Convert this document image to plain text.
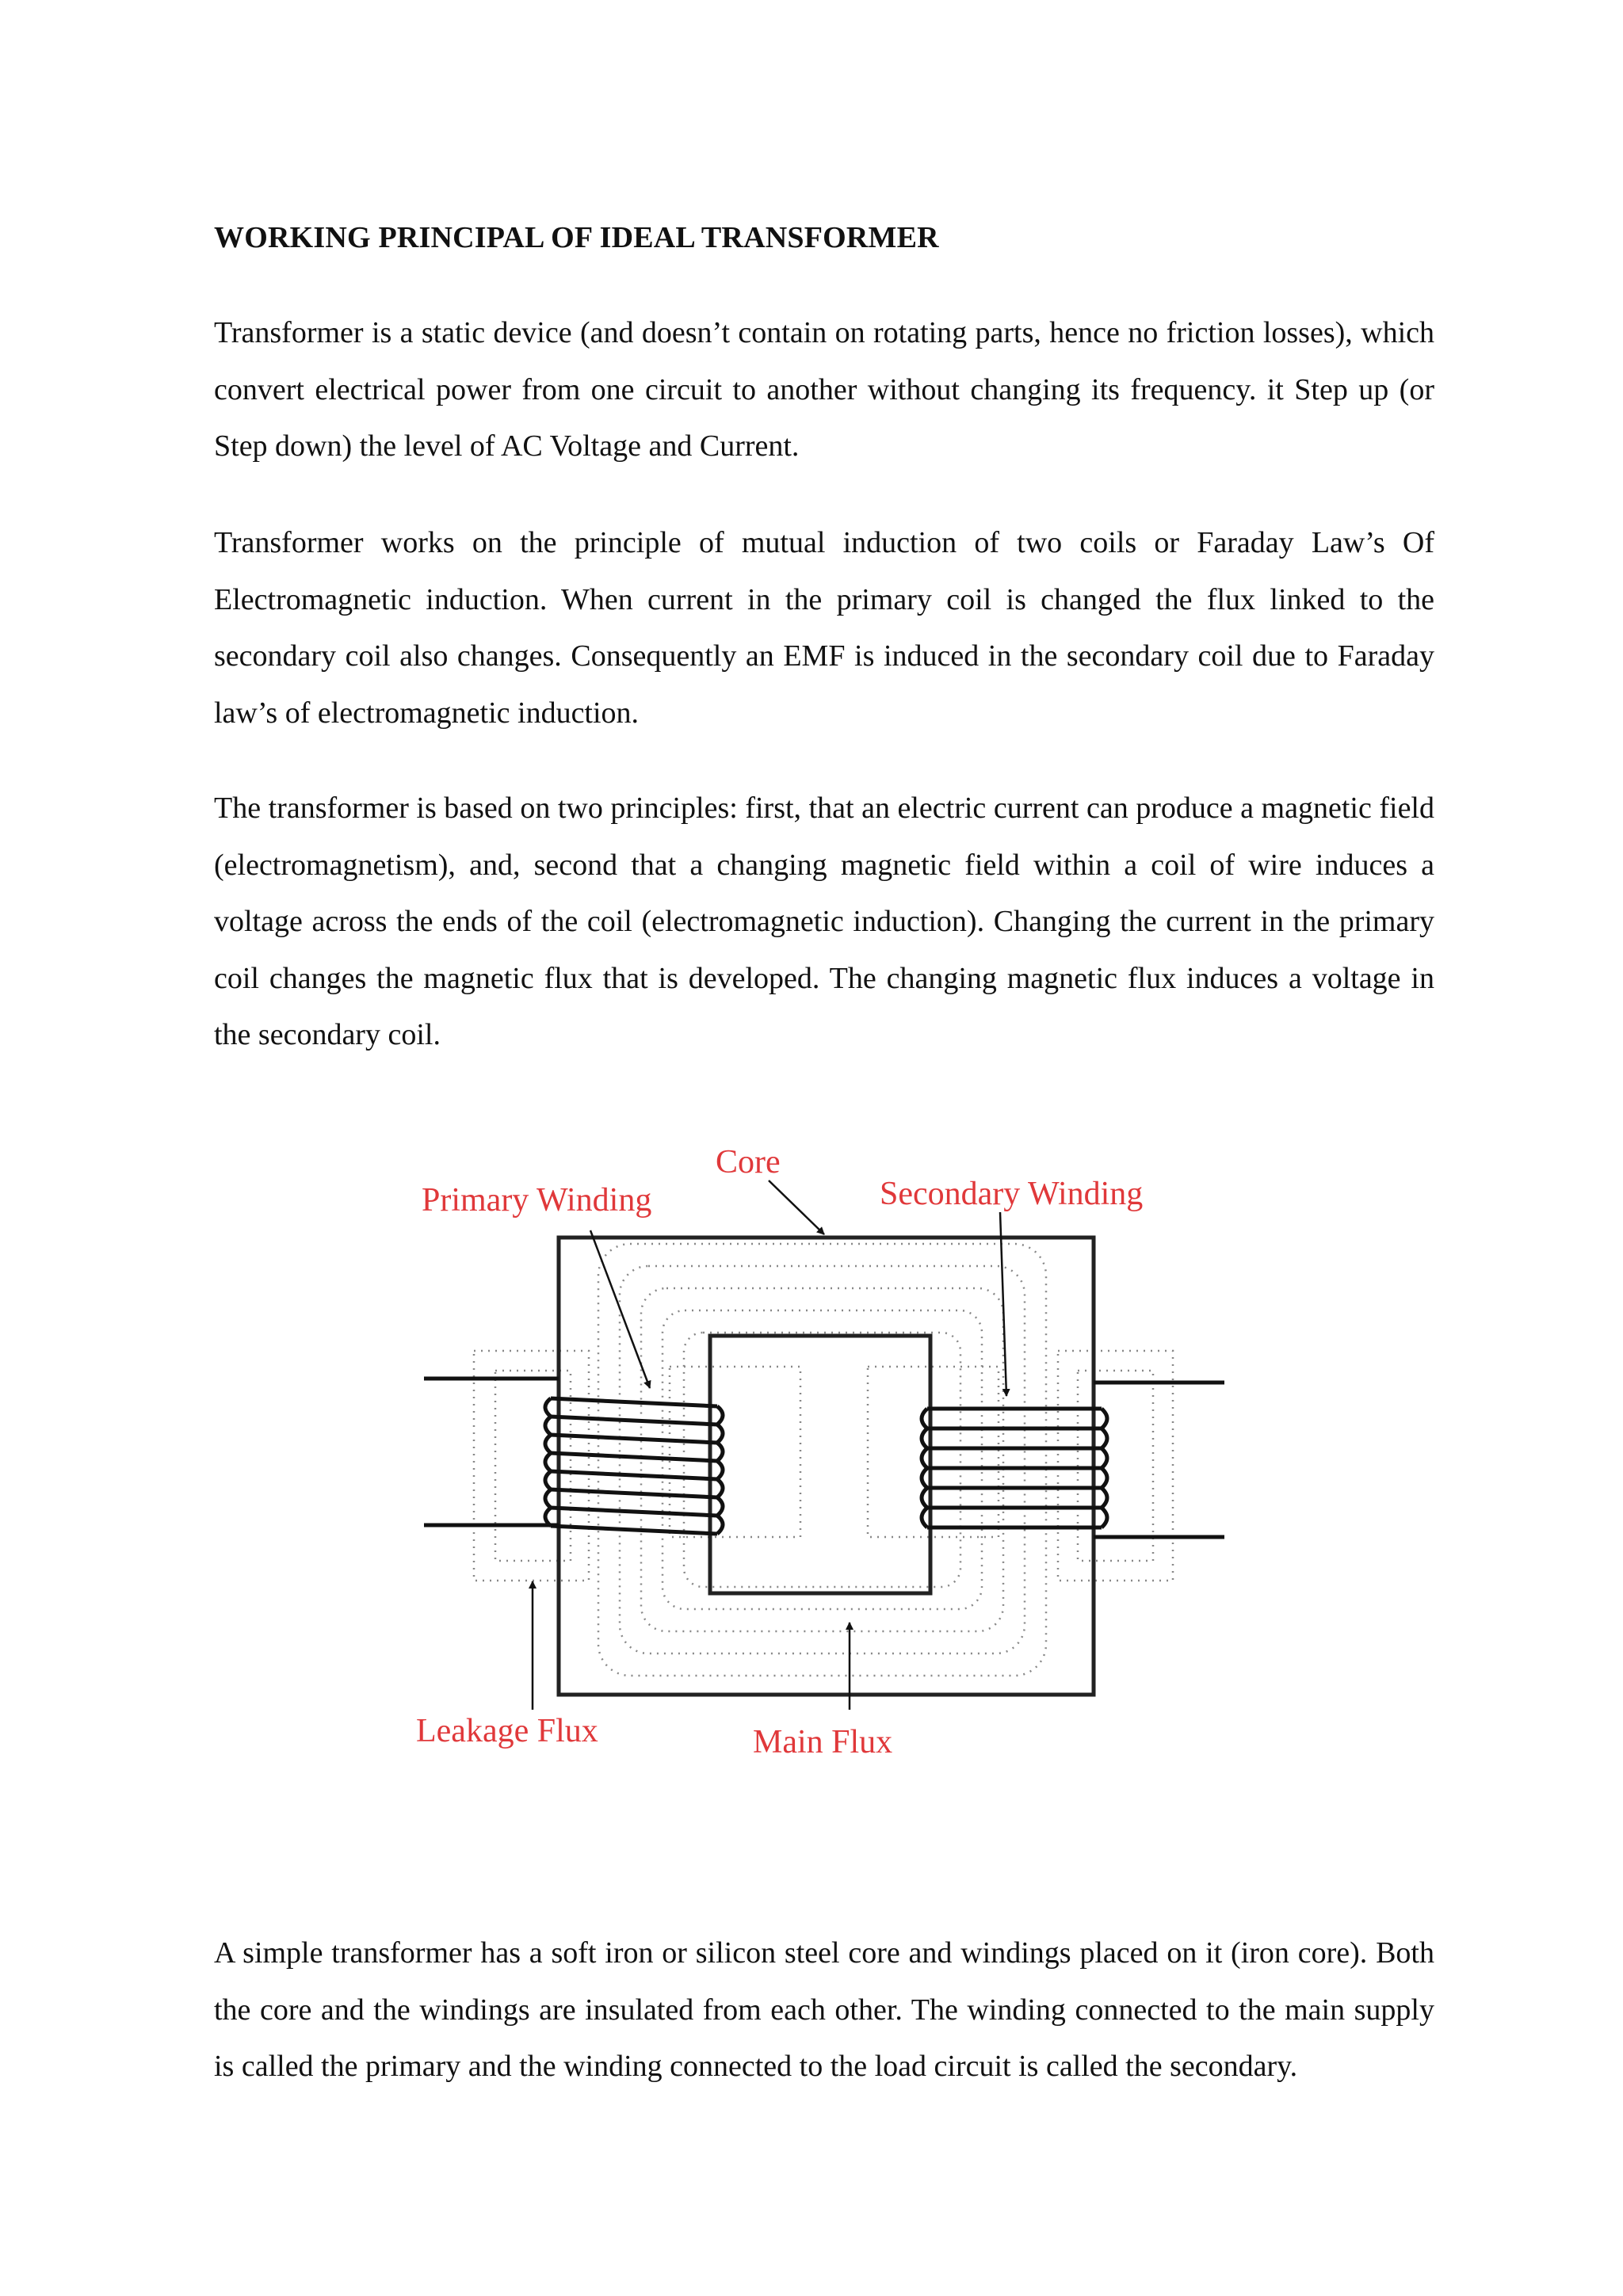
WORKING PRINCIPAL OF IDEAL TRANSFORMER

Transformer is a static device (and doesn’t contain on rotating parts, hence no friction losses), which convert electrical power from one circuit to another without changing its frequency. it Step up (or Step down) the level of AC Voltage and Current.

Transformer works on the principle of mutual induction of two coils or Faraday Law’s Of Electromagnetic induction. When current in the primary coil is changed the flux linked to the secondary coil also changes. Consequently an EMF is induced in the secondary coil due to Faraday law’s of electromagnetic induction.

The transformer is based on two principles: first, that an electric current can produce a magnetic field (electromagnetism), and, second that a changing magnetic field within a coil of wire induces a voltage across the ends of the coil (electromagnetic induction). Changing the current in the primary coil changes the magnetic flux that is developed. The changing magnetic flux induces a voltage in the secondary coil.

A simple transformer has a soft iron or silicon steel core and windings placed on it (iron core). Both the core and the windings are insulated from each other. The winding connected to the main supply is called the primary and the winding connected to the load circuit is called the secondary.

Core
Primary Winding	Secondary Winding
Leakage Flux	Main Flux
